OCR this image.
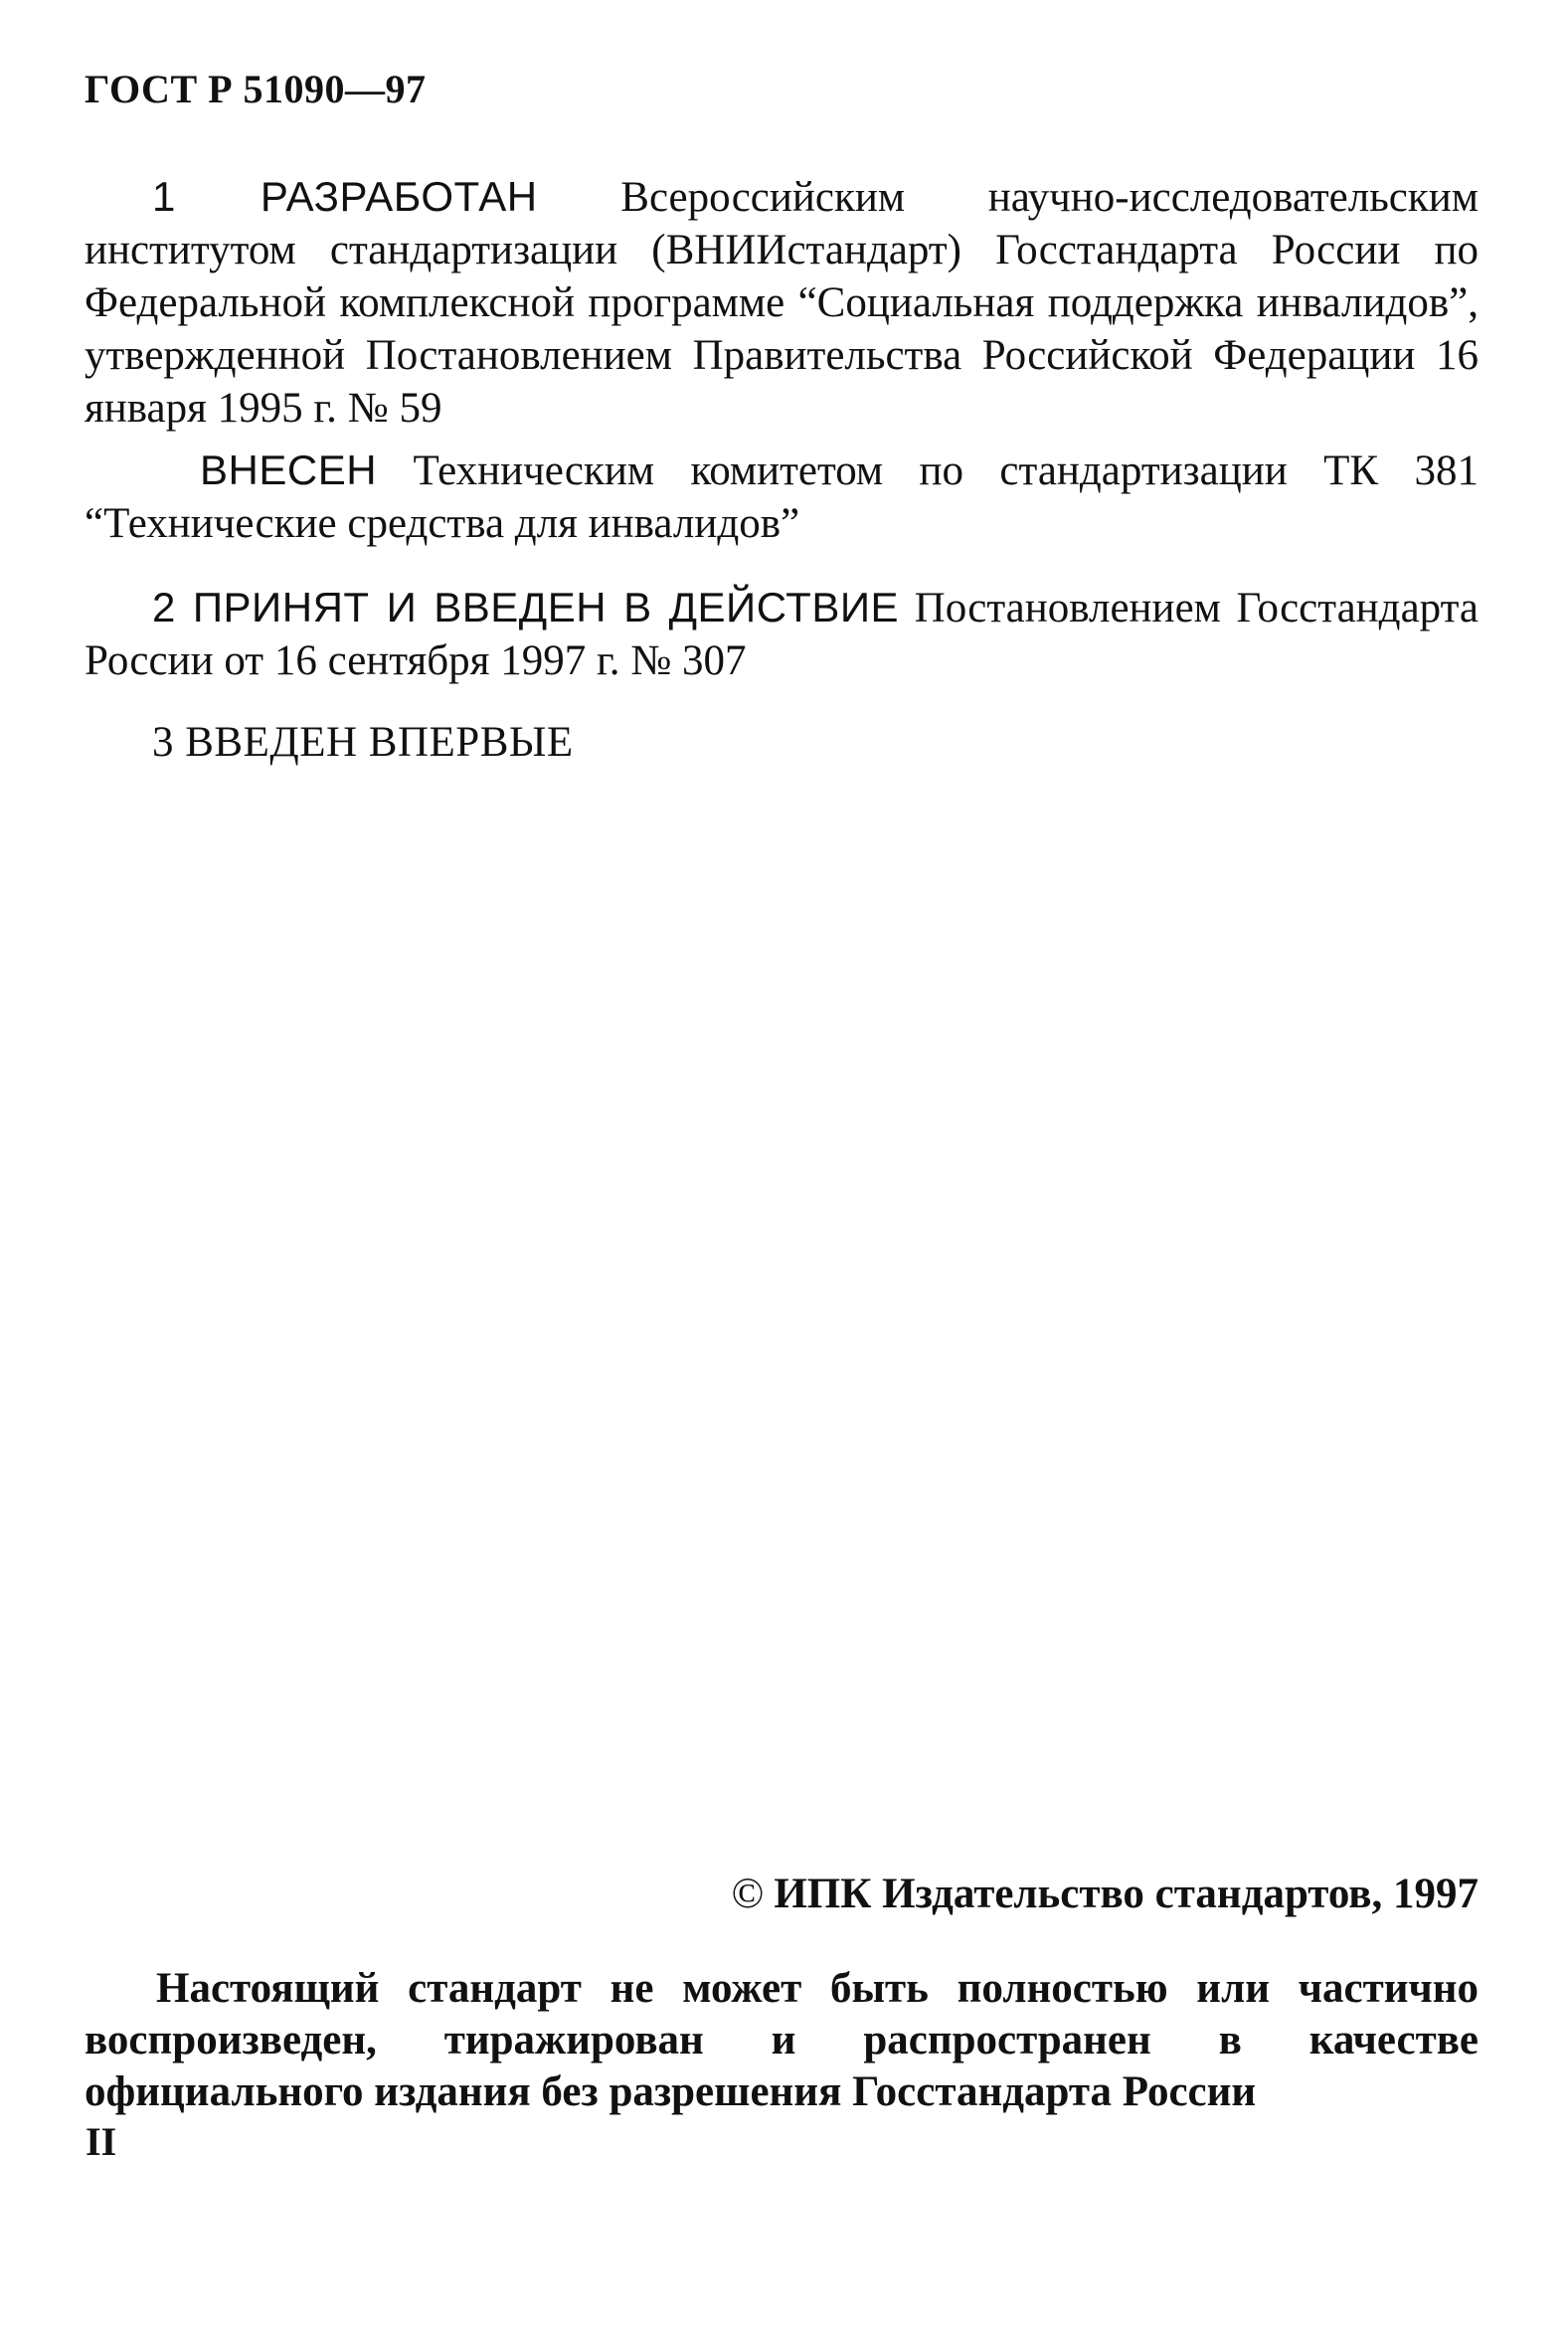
ГОСТ Р 51090—97

1 РАЗРАБОТАН Всероссийским научно-исследовательским институтом стандартизации (ВНИИстандарт) Госстандарта России по Федеральной комплексной программе “Социальная поддержка инвалидов”, утвержденной Постановлением Правительства Российской Федерации 16 января 1995 г. № 59

ВНЕСЕН Техническим комитетом по стандартизации ТК 381 “Технические средства для инвалидов”

2 ПРИНЯТ И ВВЕДЕН В ДЕЙСТВИЕ Постановлением Госстандарта России от 16 сентября 1997 г. № 307

3 ВВЕДЕН ВПЕРВЫЕ

© ИПК Издательство стандартов, 1997

Настоящий стандарт не может быть полностью или частично воспроизведен, тиражирован и распространен в качестве официального издания без разрешения Госстандарта России

II
